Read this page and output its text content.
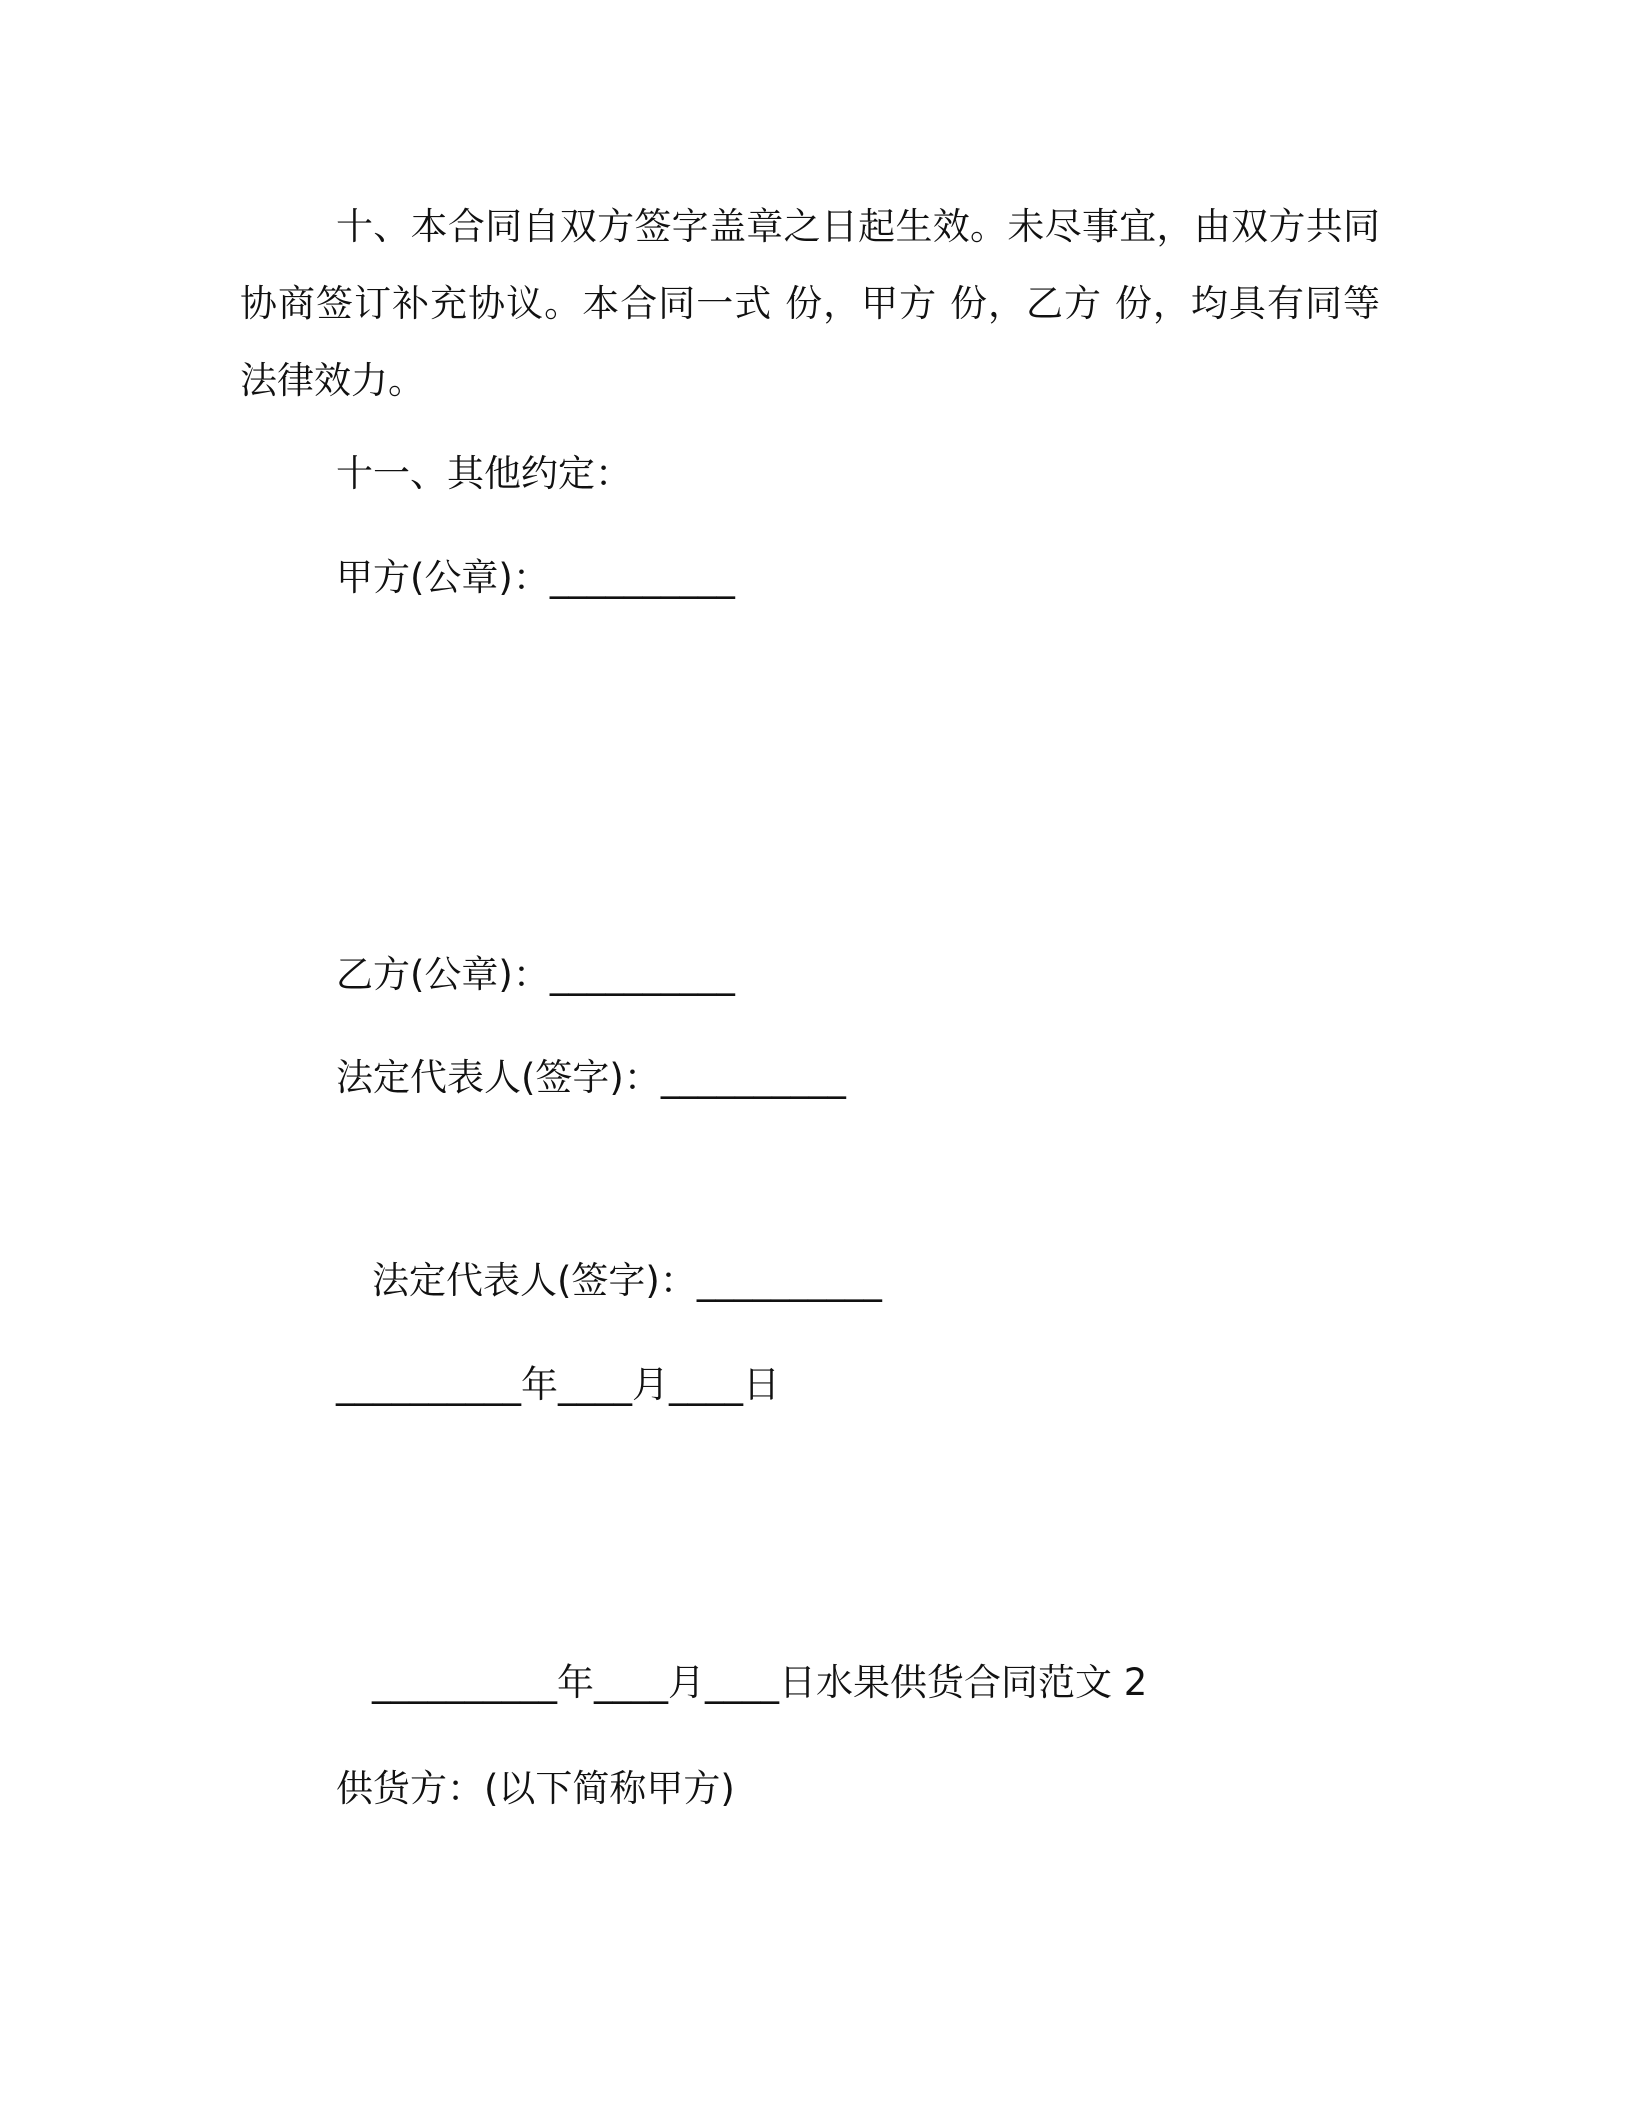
十、本合同自双方签字盖章之日起生效。未尽事宜，由双方共同协商签订补充协议。本合同一式 份，甲方 份，乙方 份，均具有同等法律效力。

十一、其他约定：

甲方(公章)：__________

乙方(公章)：__________

法定代表人(签字)：__________

法定代表人(签字)：__________

__________年____月____日

__________年____月____日水果供货合同范文 2

供货方：(以下简称甲方)
